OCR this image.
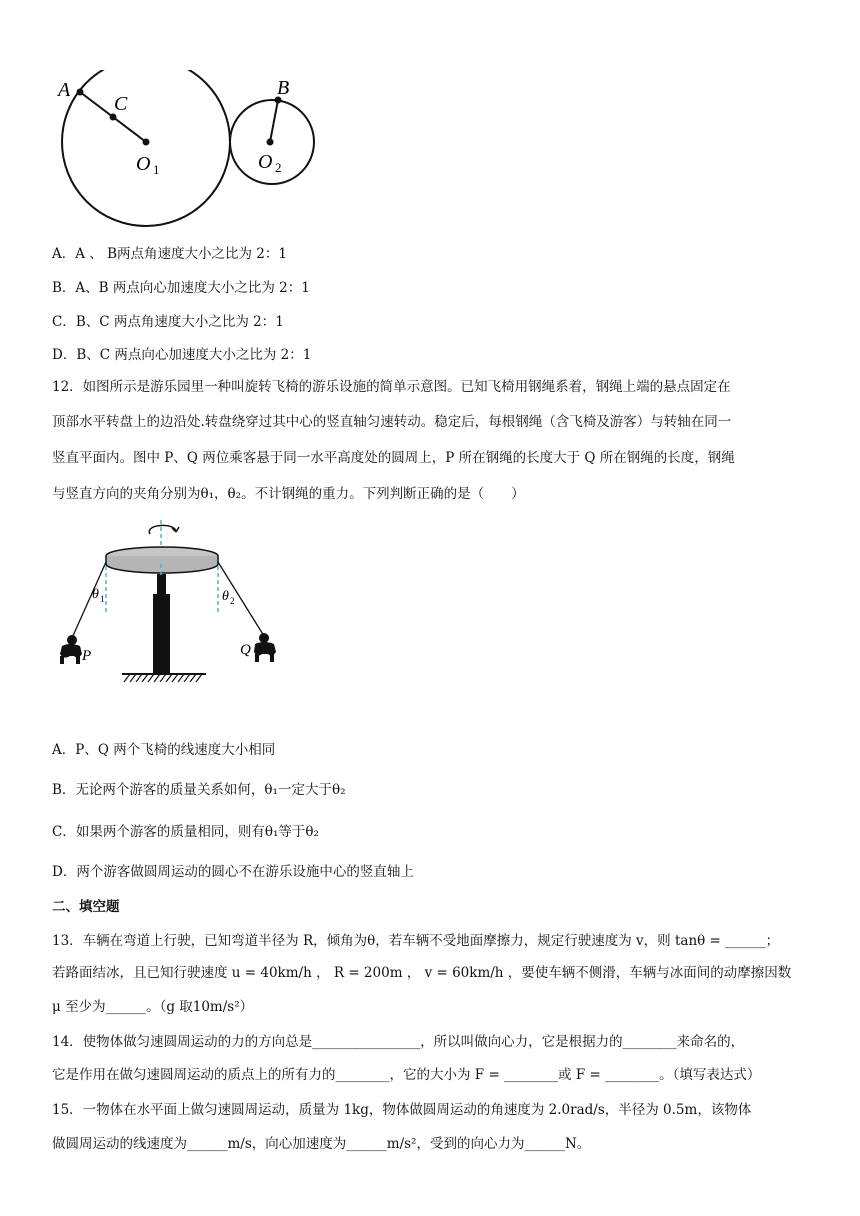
A
C
O 1
B
O 2
A．A 、 B两点角速度大小之比为 2：1
B．A、B 两点向心加速度大小之比为 2：1
C．B、C 两点角速度大小之比为 2：1
D．B、C 两点向心加速度大小之比为 2：1
12．如图所示是游乐园里一种叫旋转飞椅的游乐设施的简单示意图。已知飞椅用钢绳系着，钢绳上端的悬点固定在
顶部水平转盘上的边沿处.转盘绕穿过其中心的竖直轴匀速转动。稳定后，每根钢绳（含飞椅及游客）与转轴在同一
竖直平面内。图中 P、Q 两位乘客悬于同一水平高度处的圆周上，P 所在钢绳的长度大于 Q 所在钢绳的长度，钢绳
与竖直方向的夹角分别为θ₁，θ₂。不计钢绳的重力。下列判断正确的是（　　）
θ 1	θ 2
P	Q
A．P、Q 两个飞椅的线速度大小相同
B．无论两个游客的质量关系如何，θ₁一定大于θ₂
C．如果两个游客的质量相同，则有θ₁等于θ₂
D．两个游客做圆周运动的圆心不在游乐设施中心的竖直轴上
二、填空题
13．车辆在弯道上行驶，已知弯道半径为 R，倾角为θ，若车辆不受地面摩擦力，规定行驶速度为 v，则 tanθ = ______；
若路面结冰，且已知行驶速度 u = 40km/h ， R = 200m ， v = 60km/h ，要使车辆不侧滑，车辆与冰面间的动摩擦因数
μ 至少为______。（g 取10m/s²）
14．使物体做匀速圆周运动的力的方向总是________________，所以叫做向心力，它是根据力的________来命名的，
它是作用在做匀速圆周运动的质点上的所有力的________，它的大小为 F = ________或 F = ________。（填写表达式）
15．一物体在水平面上做匀速圆周运动，质量为 1kg，物体做圆周运动的角速度为 2.0rad/s，半径为 0.5m，该物体
做圆周运动的线速度为______m/s，向心加速度为______m/s²，受到的向心力为______N。
